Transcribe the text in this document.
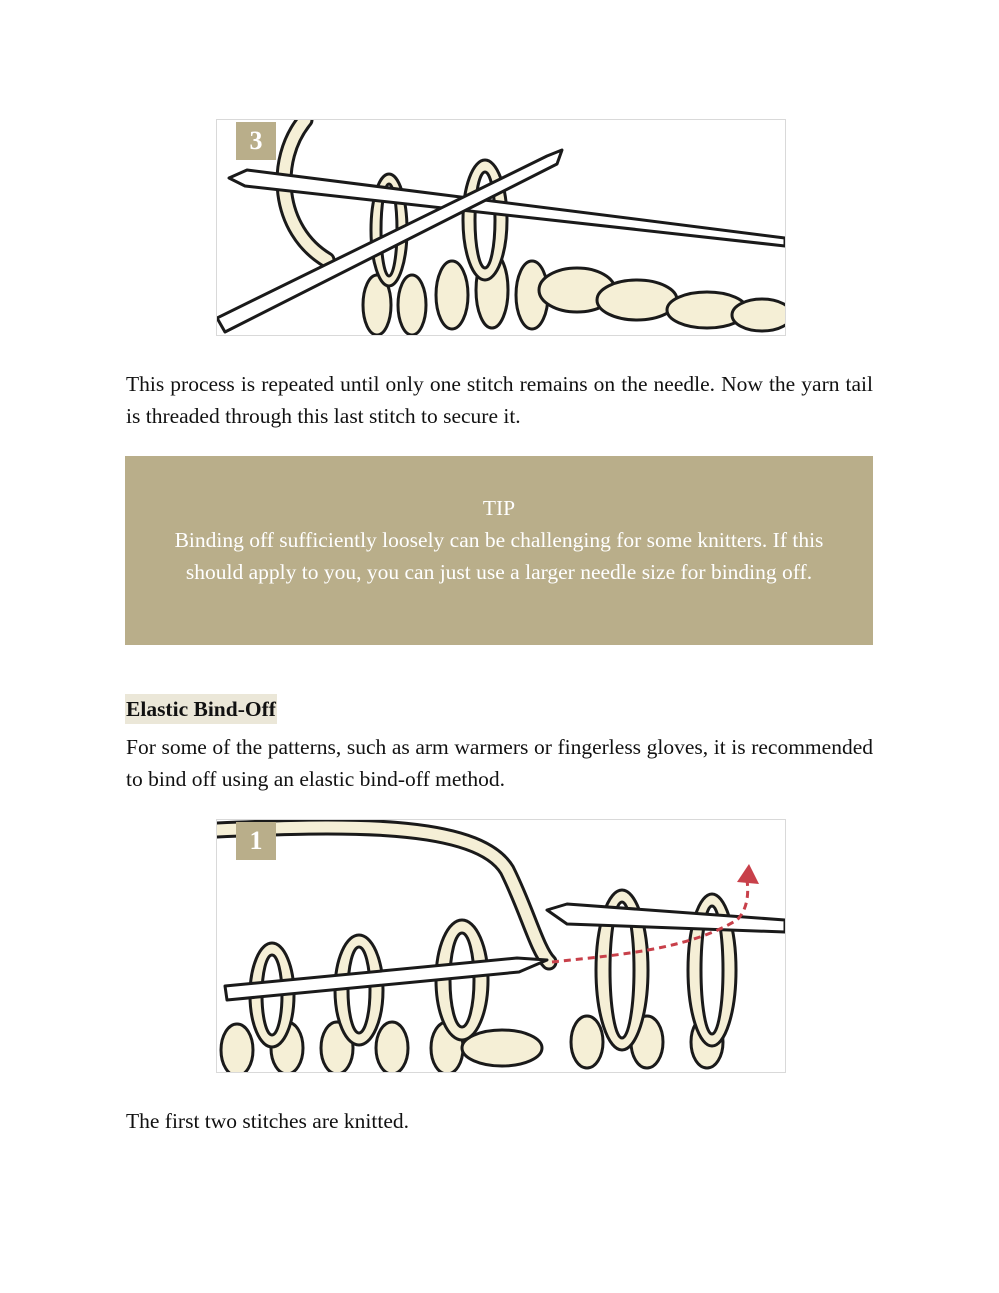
3

This process is repeated until only one stitch remains on the needle. Now the yarn tail is threaded through this last stitch to secure it.

TIP
Binding off sufficiently loosely can be challenging for some knitters. If this should apply to you, you can just use a larger needle size for binding off.
Elastic Bind-Off

For some of the patterns, such as arm warmers or fingerless gloves, it is recommended to bind off using an elastic bind-off method.

1

The first two stitches are knitted.
